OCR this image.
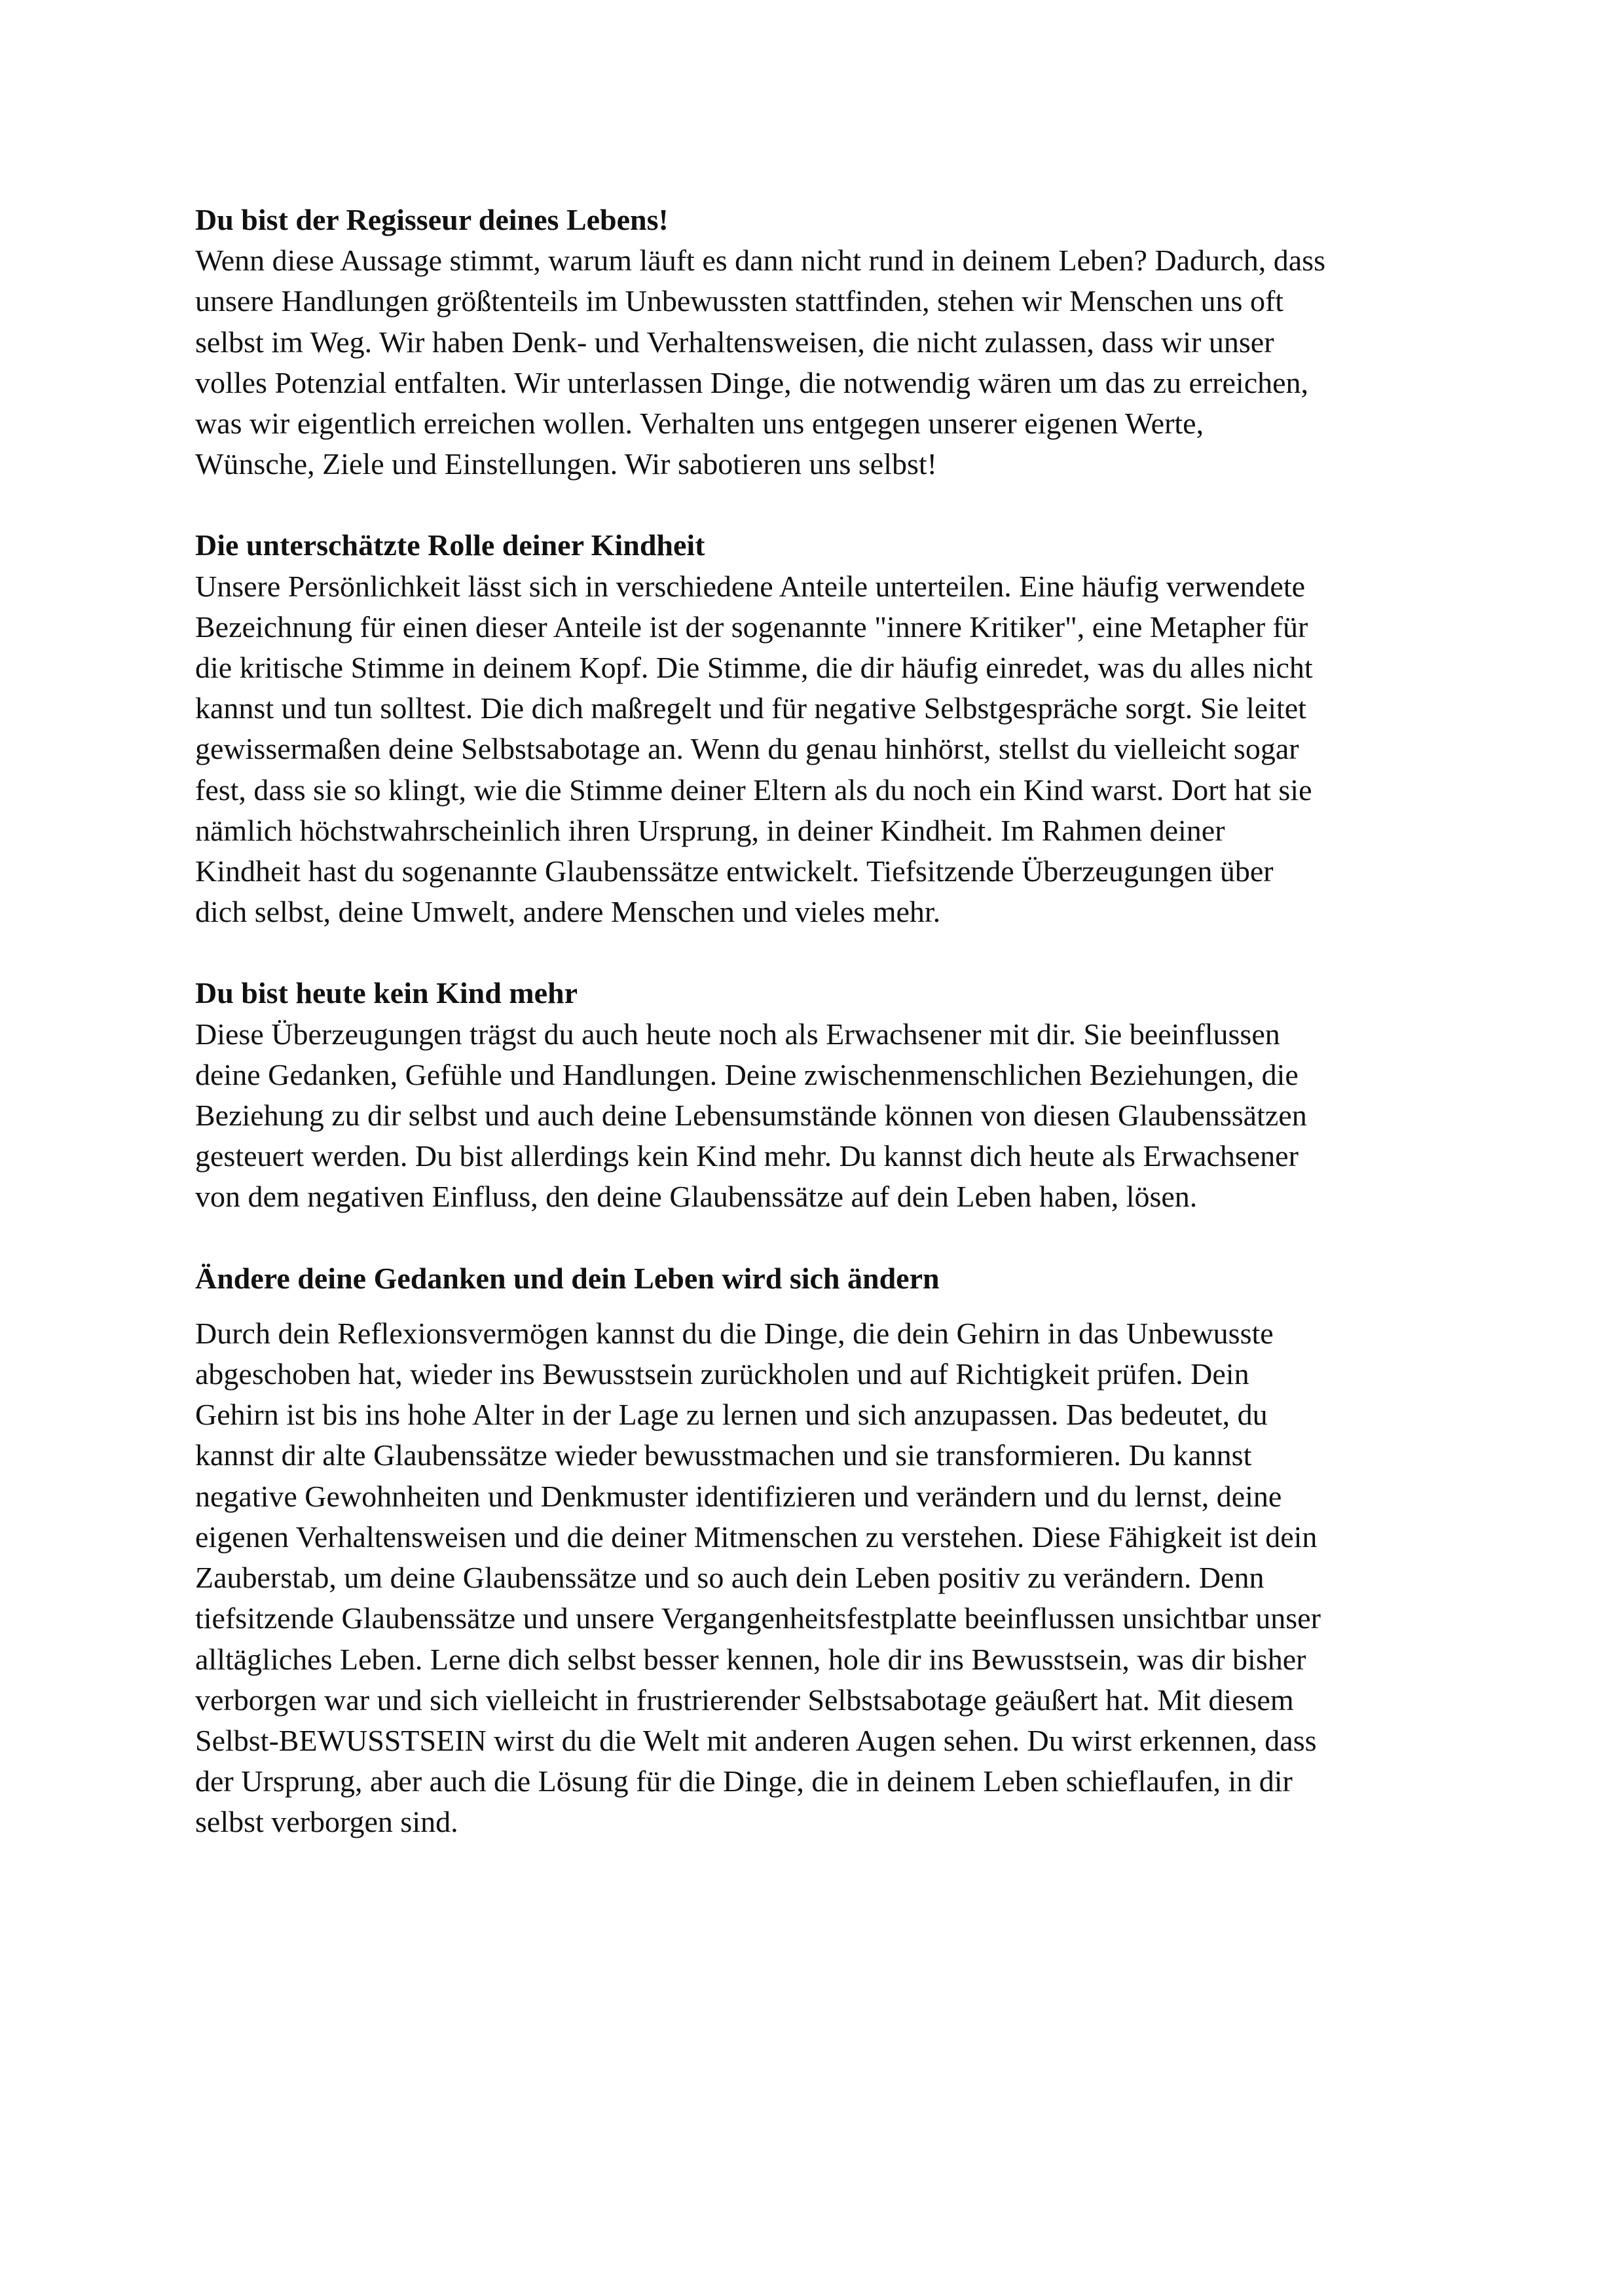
Du bist der Regisseur deines Lebens!

Wenn diese Aussage stimmt, warum läuft es dann nicht rund in deinem Leben? Dadurch, dass
unsere Handlungen größtenteils im Unbewussten stattfinden, stehen wir Menschen uns oft
selbst im Weg. Wir haben Denk- und Verhaltensweisen, die nicht zulassen, dass wir unser
volles Potenzial entfalten. Wir unterlassen Dinge, die notwendig wären um das zu erreichen,
was wir eigentlich erreichen wollen. Verhalten uns entgegen unserer eigenen Werte,
Wünsche, Ziele und Einstellungen. Wir sabotieren uns selbst!

Die unterschätzte Rolle deiner Kindheit

Unsere Persönlichkeit lässt sich in verschiedene Anteile unterteilen. Eine häufig verwendete
Bezeichnung für einen dieser Anteile ist der sogenannte "innere Kritiker", eine Metapher für
die kritische Stimme in deinem Kopf. Die Stimme, die dir häufig einredet, was du alles nicht
kannst und tun solltest. Die dich maßregelt und für negative Selbstgespräche sorgt. Sie leitet
gewissermaßen deine Selbstsabotage an. Wenn du genau hinhörst, stellst du vielleicht sogar
fest, dass sie so klingt, wie die Stimme deiner Eltern als du noch ein Kind warst. Dort hat sie
nämlich höchstwahrscheinlich ihren Ursprung, in deiner Kindheit. Im Rahmen deiner
Kindheit hast du sogenannte Glaubenssätze entwickelt. Tiefsitzende Überzeugungen über
dich selbst, deine Umwelt, andere Menschen und vieles mehr.

Du bist heute kein Kind mehr

Diese Überzeugungen trägst du auch heute noch als Erwachsener mit dir. Sie beeinflussen
deine Gedanken, Gefühle und Handlungen. Deine zwischenmenschlichen Beziehungen, die
Beziehung zu dir selbst und auch deine Lebensumstände können von diesen Glaubenssätzen
gesteuert werden. Du bist allerdings kein Kind mehr. Du kannst dich heute als Erwachsener
von dem negativen Einfluss, den deine Glaubenssätze auf dein Leben haben, lösen.

Ändere deine Gedanken und dein Leben wird sich ändern

Durch dein Reflexionsvermögen kannst du die Dinge, die dein Gehirn in das Unbewusste
abgeschoben hat, wieder ins Bewusstsein zurückholen und auf Richtigkeit prüfen. Dein
Gehirn ist bis ins hohe Alter in der Lage zu lernen und sich anzupassen. Das bedeutet, du
kannst dir alte Glaubenssätze wieder bewusstmachen und sie transformieren. Du kannst
negative Gewohnheiten und Denkmuster identifizieren und verändern und du lernst, deine
eigenen Verhaltensweisen und die deiner Mitmenschen zu verstehen. Diese Fähigkeit ist dein
Zauberstab, um deine Glaubenssätze und so auch dein Leben positiv zu verändern. Denn
tiefsitzende Glaubenssätze und unsere Vergangenheitsfestplatte beeinflussen unsichtbar unser
alltägliches Leben. Lerne dich selbst besser kennen, hole dir ins Bewusstsein, was dir bisher
verborgen war und sich vielleicht in frustrierender Selbstsabotage geäußert hat. Mit diesem
Selbst-BEWUSSTSEIN wirst du die Welt mit anderen Augen sehen. Du wirst erkennen, dass
der Ursprung, aber auch die Lösung für die Dinge, die in deinem Leben schieflaufen, in dir
selbst verborgen sind.
